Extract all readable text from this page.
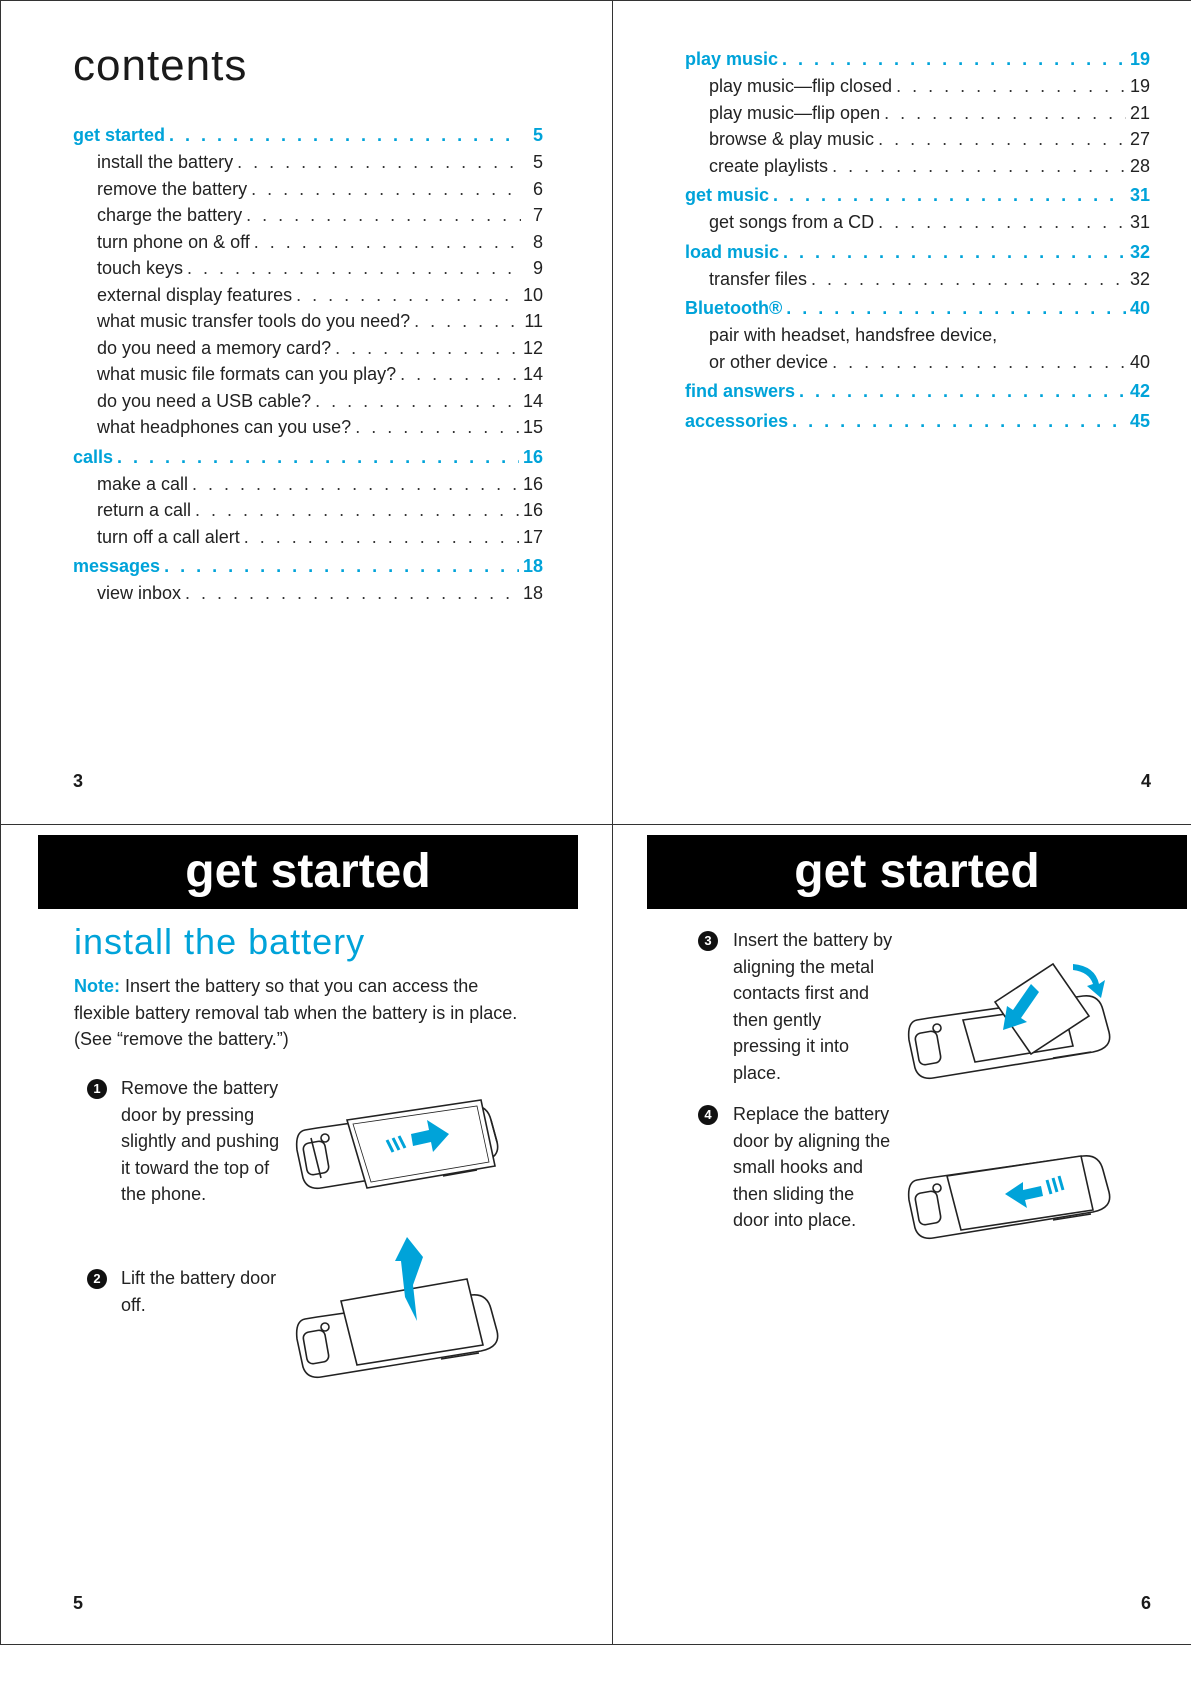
contents
get started . . .	5
install the battery . . .	5
remove the battery . . .	6
charge the battery . . .	7
turn phone on & off . . .	8
touch keys . . .	9
external display features . . .	10
what music transfer tools do you need? . . .	11
do you need a memory card? . . .	12
what music file formats can you play? . . .	14
do you need a USB cable? . . .	14
what headphones can you use? . . .	15
calls . . .	16
make a call . . .	16
return a call . . .	16
turn off a call alert . . .	17
messages . . .	18
view inbox . . .	18
3
play music . . .	19
play music—flip closed . . .	19
play music—flip open . . .	21
browse & play music . . .	27
create playlists . . .	28
get music . . .	31
get songs from a CD . . .	31
load music . . .	32
transfer files . . .	32
Bluetooth® . . .	40
pair with headset, handsfree device,
or other device . . .	40
find answers . . .	42
accessories . . .	45
4
get started
install the battery
Note: Insert the battery so that you can access the
flexible battery removal tab when the battery is in place.
(See “remove the battery.”)
1	Remove the battery
door by pressing
slightly and pushing
it toward the top of
the phone.
2	Lift the battery door
off.
5
get started
3	Insert the battery by
aligning the metal
contacts first and
then gently
pressing it into
place.
4	Replace the battery
door by aligning the
small hooks and
then sliding the
door into place.
6
